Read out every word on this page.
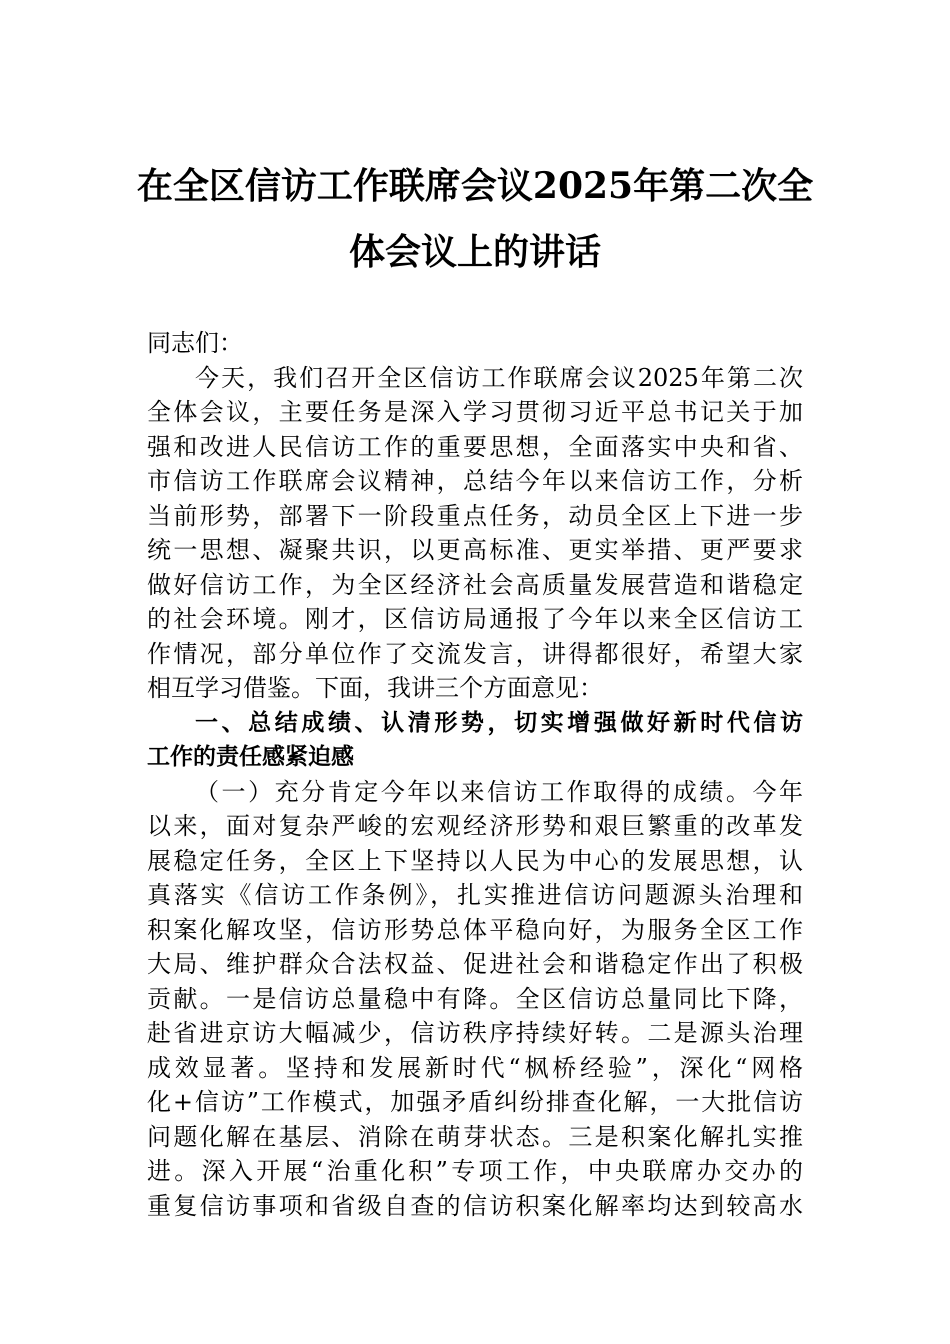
在全区信访工作联席会议2025年第二次全
体会议上的讲话
同志们：
今天，我们召开全区信访工作联席会议2025年第二次
全体会议，主要任务是深入学习贯彻习近平总书记关于加
强和改进人民信访工作的重要思想，全面落实中央和省、
市信访工作联席会议精神，总结今年以来信访工作，分析
当前形势，部署下一阶段重点任务，动员全区上下进一步
统一思想、凝聚共识，以更高标准、更实举措、更严要求
做好信访工作，为全区经济社会高质量发展营造和谐稳定
的社会环境。刚才，区信访局通报了今年以来全区信访工
作情况，部分单位作了交流发言，讲得都很好，希望大家
相互学习借鉴。下面，我讲三个方面意见：
一、总结成绩、认清形势，切实增强做好新时代信访
工作的责任感紧迫感
（一）充分肯定今年以来信访工作取得的成绩。今年
以来，面对复杂严峻的宏观经济形势和艰巨繁重的改革发
展稳定任务，全区上下坚持以人民为中心的发展思想，认
真落实《信访工作条例》，扎实推进信访问题源头治理和
积案化解攻坚，信访形势总体平稳向好，为服务全区工作
大局、维护群众合法权益、促进社会和谐稳定作出了积极
贡献。一是信访总量稳中有降。全区信访总量同比下降，
赴省进京访大幅减少，信访秩序持续好转。二是源头治理
成效显著。坚持和发展新时代“枫桥经验”，深化“网格
化+信访”工作模式，加强矛盾纠纷排查化解，一大批信访
问题化解在基层、消除在萌芽状态。三是积案化解扎实推
进。深入开展“治重化积”专项工作，中央联席办交办的
重复信访事项和省级自查的信访积案化解率均达到较高水
